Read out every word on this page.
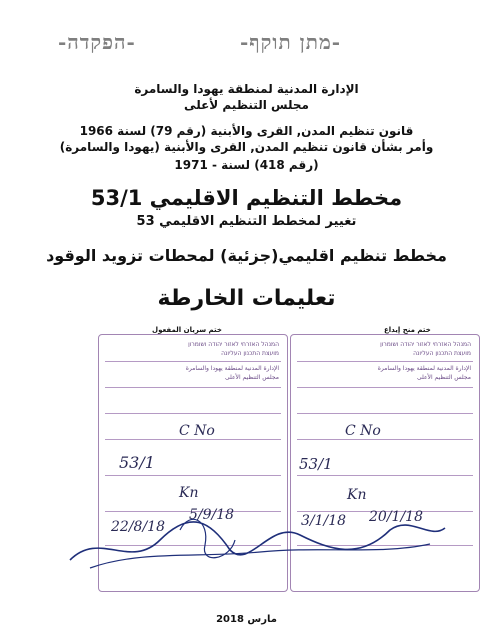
-הפקדה-	-מתן תוקף-
الإدارة المدنية لمنطقة يهودا والسامرة
مجلس التنظيم لأعلى
قانون تنظيم المدن, القرى والأبنية (رقم 79) لسنة 1966
وأمر بشأن قانون تنظيم المدن, القرى والأبنية (يهودا والسامرة)
(رقم 418) لسنة - 1971
مخطط التنظيم الاقليمي 53/1
تغيير لمخطط التنظيم الاقليمي 53
مخطط تنظيم اقليمي(جزئية) لمحطات تزويد الوقود
تعليمات الخارطة
ختم سريان المفعول	ختم منح إيداع
המנהל האזרחי לאזור יהודה ושומרון
מועצת התכנון העליונה
الإدارة المدنية لمنطقة يهودا والسامرة
مجلس التنظيم الأعلى
C No
53/1
Kn
22/8/18
5/9/18
המנהל האזרחי לאזור יהודה ושומרון
מועצת התכנון העליונה
الإدارة المدنية لمنطقة يهودا والسامرة
مجلس التنظيم الأعلى
C No
53/1
Kn
3/1/18 20/1/18
مارس 2018
